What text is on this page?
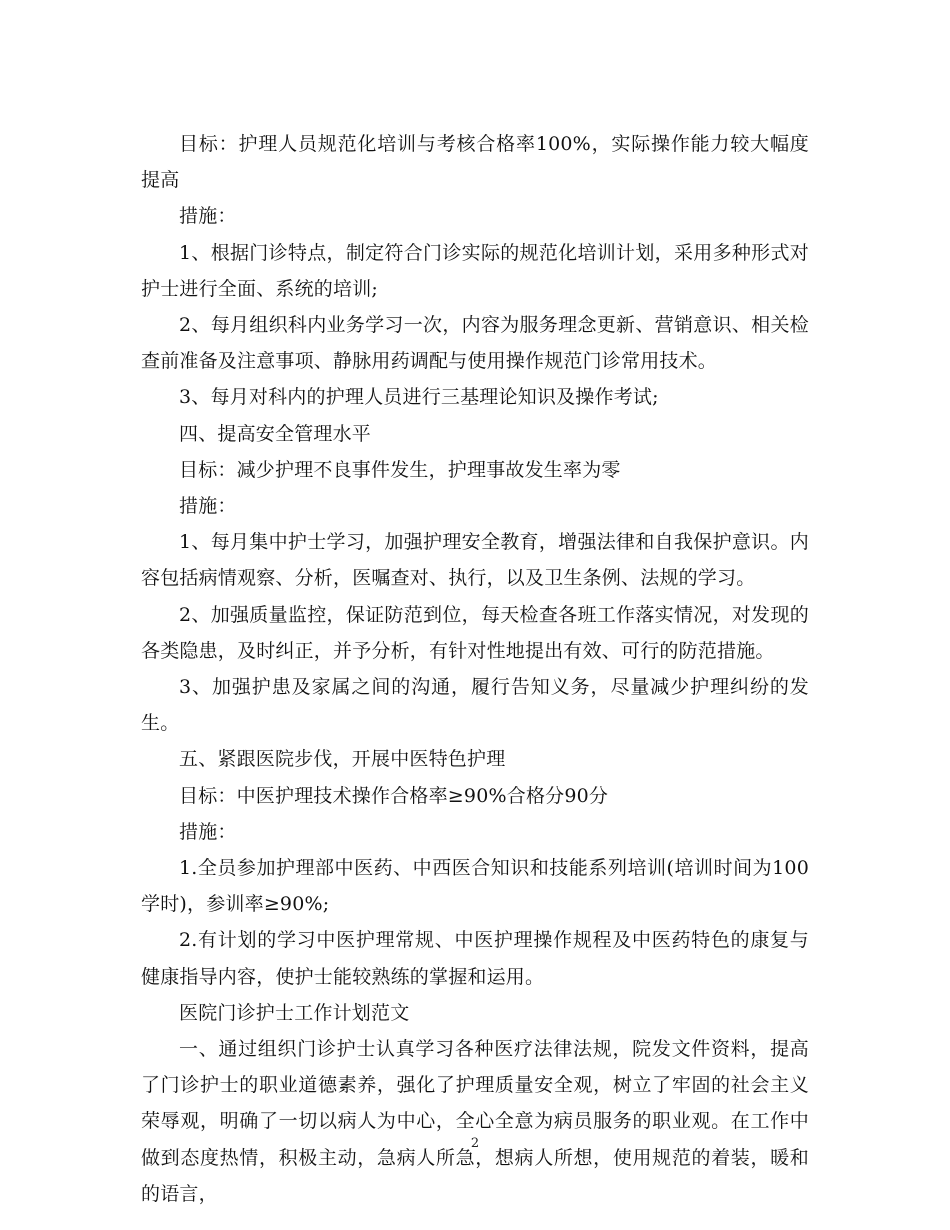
目标：护理人员规范化培训与考核合格率100%，实际操作能力较大幅度提高

措施：

1、根据门诊特点，制定符合门诊实际的规范化培训计划，采用多种形式对护士进行全面、系统的培训;

2、每月组织科内业务学习一次，内容为服务理念更新、营销意识、相关检查前准备及注意事项、静脉用药调配与使用操作规范门诊常用技术。

3、每月对科内的护理人员进行三基理论知识及操作考试;

四、提高安全管理水平

目标：减少护理不良事件发生，护理事故发生率为零

措施：

1、每月集中护士学习，加强护理安全教育，增强法律和自我保护意识。内容包括病情观察、分析，医嘱查对、执行，以及卫生条例、法规的学习。

2、加强质量监控，保证防范到位，每天检查各班工作落实情况，对发现的各类隐患，及时纠正，并予分析，有针对性地提出有效、可行的防范措施。

3、加强护患及家属之间的沟通，履行告知义务，尽量减少护理纠纷的发生。

五、紧跟医院步伐，开展中医特色护理

目标：中医护理技术操作合格率≥90%合格分90分

措施：

1.全员参加护理部中医药、中西医合知识和技能系列培训(培训时间为100学时)，参训率≥90%;

2.有计划的学习中医护理常规、中医护理操作规程及中医药特色的康复与健康指导内容，使护士能较熟练的掌握和运用。

医院门诊护士工作计划范文

一、通过组织门诊护士认真学习各种医疗法律法规，院发文件资料，提高了门诊护士的职业道德素养，强化了护理质量安全观，树立了牢固的社会主义荣辱观，明确了一切以病人为中心，全心全意为病员服务的职业观。在工作中做到态度热情，积极主动，急病人所急，想病人所想，使用规范的着装，暖和的语言，

2
